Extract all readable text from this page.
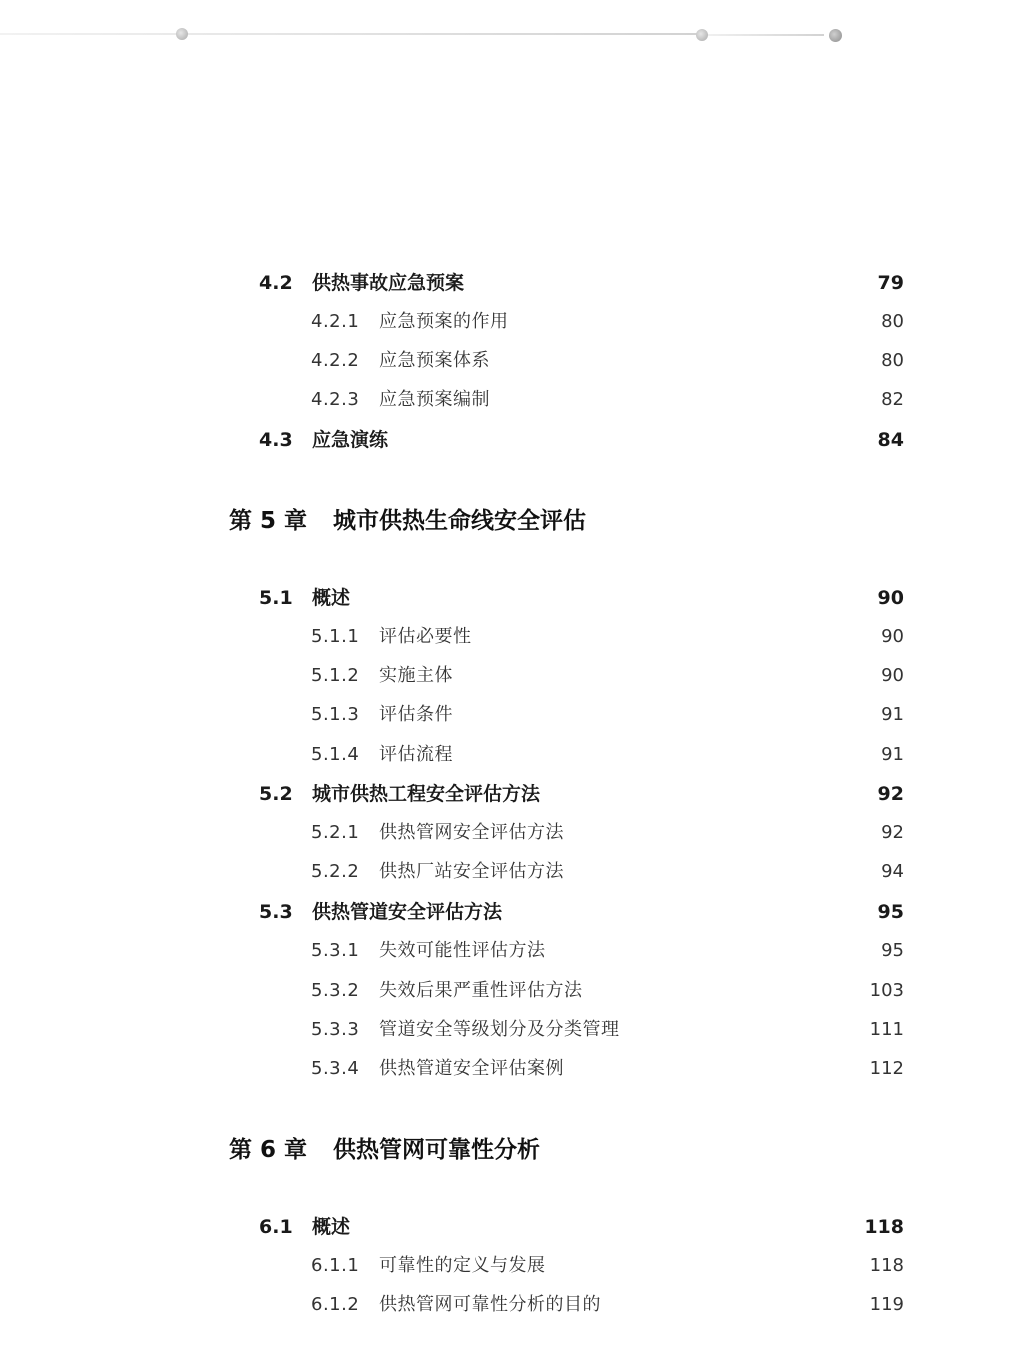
4.2 供热事故应急预案	79
4.2.1 应急预案的作用	80
4.2.2 应急预案体系	80
4.2.3 应急预案编制	82
4.3 应急演练	84
第 5 章 城市供热生命线安全评估
5.1 概述	90
5.1.1 评估必要性	90
5.1.2 实施主体	90
5.1.3 评估条件	91
5.1.4 评估流程	91
5.2 城市供热工程安全评估方法	92
5.2.1 供热管网安全评估方法	92
5.2.2 供热厂站安全评估方法	94
5.3 供热管道安全评估方法	95
5.3.1 失效可能性评估方法	95
5.3.2 失效后果严重性评估方法	103
5.3.3 管道安全等级划分及分类管理	111
5.3.4 供热管道安全评估案例	112
第 6 章 供热管网可靠性分析
6.1 概述	118
6.1.1 可靠性的定义与发展	118
6.1.2 供热管网可靠性分析的目的	119
